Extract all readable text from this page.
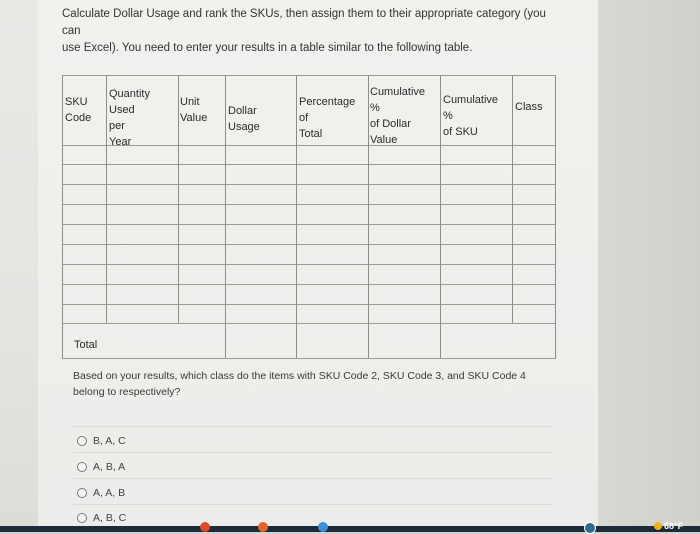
Calculate Dollar Usage and rank the SKUs, then assign them to their appropriate category (you can
use Excel). You need to enter your results in a table similar to the following table.
SKU
Code
Quantity
Used per
Year
Unit
Value
Dollar Usage
Percentage of
Total
Cumulative %
of Dollar
Value
Cumulative %
of SKU
Class
Total
Based on your results, which class do the items with SKU Code 2, SKU Code 3, and SKU Code 4
belong to respectively?
B, A, C
A, B, A
A, A, B
A, B, C
68°F
